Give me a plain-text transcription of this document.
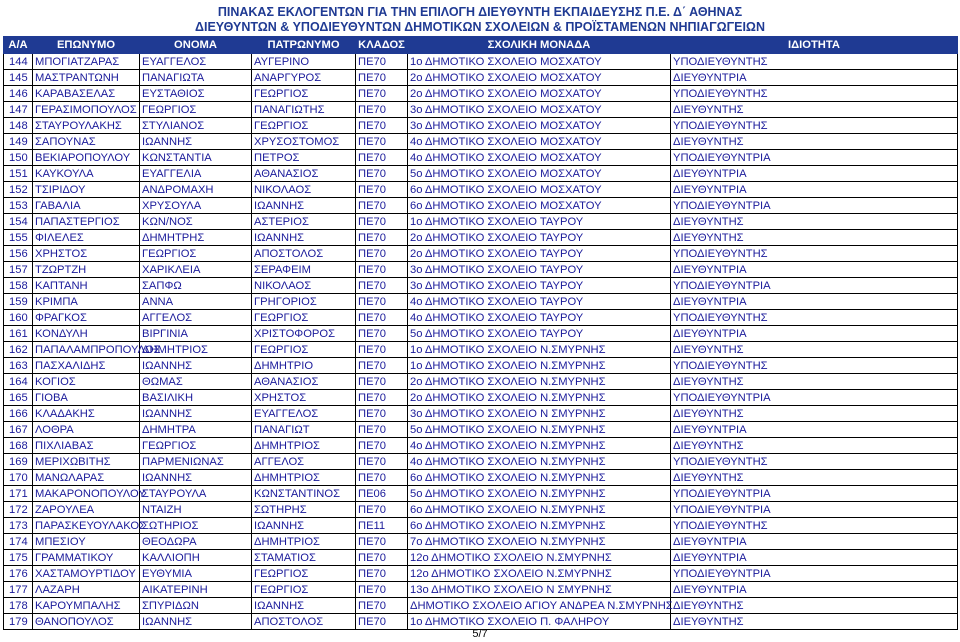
ΠΙΝΑΚΑΣ ΕΚΛΟΓΕΝΤΩΝ ΓΙΑ ΤΗΝ ΕΠΙΛΟΓΗ ΔΙΕΥΘΥΝΤΗ ΕΚΠΑΙΔΕΥΣΗΣ Π.Ε. Δ΄ ΑΘΗΝΑΣ
ΔΙΕΥΘΥΝΤΩΝ & ΥΠΟΔΙΕΥΘΥΝΤΩΝ ΔΗΜΟΤΙΚΩΝ ΣΧΟΛΕΙΩΝ & ΠΡΟΪΣΤΑΜΕΝΩΝ ΝΗΠΙΑΓΩΓΕΙΩΝ
Α/Α	ΕΠΩΝΥΜΟ	ΟΝΟΜΑ	ΠΑΤΡΩΝΥΜΟ	ΚΛΑΔΟΣ	ΣΧΟΛΙΚΗ ΜΟΝΑΔΑ	ΙΔΙΟΤΗΤΑ
144	ΜΠΟΓΙΑΤΖΑΡΑΣ	ΕΥΑΓΓΕΛΟΣ	ΑΥΓΕΡΙΝΟ	ΠΕ70	1ο ΔΗΜΟΤΙΚΟ ΣΧΟΛΕΙΟ ΜΟΣΧΑΤΟΥ	ΥΠΟΔΙΕΥΘΥΝΤΗΣ
145	ΜΑΣΤΡΑΝΤΩΝΗ	ΠΑΝΑΓΙΩΤΑ	ΑΝΑΡΓΥΡΟΣ	ΠΕ70	2ο ΔΗΜΟΤΙΚΟ ΣΧΟΛΕΙΟ ΜΟΣΧΑΤΟΥ	ΔΙΕΥΘΥΝΤΡΙΑ
146	ΚΑΡΑΒΑΣΕΛΑΣ	ΕΥΣΤΑΘΙΟΣ	ΓΕΩΡΓΙΟΣ	ΠΕ70	2ο ΔΗΜΟΤΙΚΟ ΣΧΟΛΕΙΟ ΜΟΣΧΑΤΟΥ	ΥΠΟΔΙΕΥΘΥΝΤΗΣ
147	ΓΕΡΑΣΙΜΟΠΟΥΛΟΣ	ΓΕΩΡΓΙΟΣ	ΠΑΝΑΓΙΩΤΗΣ	ΠΕ70	3ο ΔΗΜΟΤΙΚΟ ΣΧΟΛΕΙΟ ΜΟΣΧΑΤΟΥ	ΔΙΕΥΘΥΝΤΗΣ
148	ΣΤΑΥΡΟΥΛΑΚΗΣ	ΣΤΥΛΙΑΝΟΣ	ΓΕΩΡΓΙΟΣ	ΠΕ70	3ο ΔΗΜΟΤΙΚΟ ΣΧΟΛΕΙΟ ΜΟΣΧΑΤΟΥ	ΥΠΟΔΙΕΥΘΥΝΤΗΣ
149	ΣΑΠΟΥΝΑΣ	ΙΩΑΝΝΗΣ	ΧΡΥΣΟΣΤΟΜΟΣ	ΠΕ70	4ο ΔΗΜΟΤΙΚΟ ΣΧΟΛΕΙΟ ΜΟΣΧΑΤΟΥ	ΔΙΕΥΘΥΝΤΗΣ
150	ΒΕΚΙΑΡΟΠΟΥΛΟΥ	ΚΩΝΣΤΑΝΤΙΑ	ΠΕΤΡΟΣ	ΠΕ70	4ο ΔΗΜΟΤΙΚΟ ΣΧΟΛΕΙΟ ΜΟΣΧΑΤΟΥ	ΥΠΟΔΙΕΥΘΥΝΤΡΙΑ
151	ΚΑΥΚΟΥΛΑ	ΕΥΑΓΓΕΛΙΑ	ΑΘΑΝΑΣΙΟΣ	ΠΕ70	5ο ΔΗΜΟΤΙΚΟ ΣΧΟΛΕΙΟ ΜΟΣΧΑΤΟΥ	ΔΙΕΥΘΥΝΤΡΙΑ
152	ΤΣΙΡΙΔΟΥ	ΑΝΔΡΟΜΑΧΗ	ΝΙΚΟΛΑΟΣ	ΠΕ70	6ο ΔΗΜΟΤΙΚΟ ΣΧΟΛΕΙΟ ΜΟΣΧΑΤΟΥ	ΔΙΕΥΘΥΝΤΡΙΑ
153	ΓΑΒΑΛΙΑ	ΧΡΥΣΟΥΛΑ	ΙΩΑΝΝΗΣ	ΠΕ70	6ο ΔΗΜΟΤΙΚΟ ΣΧΟΛΕΙΟ ΜΟΣΧΑΤΟΥ	ΥΠΟΔΙΕΥΘΥΝΤΡΙΑ
154	ΠΑΠΑΣΤΕΡΓΙΟΣ	ΚΩΝ/ΝΟΣ	ΑΣΤΕΡΙΟΣ	ΠΕ70	1ο ΔΗΜΟΤΙΚΟ ΣΧΟΛΕΙΟ ΤΑΥΡΟΥ	ΔΙΕΥΘΥΝΤΗΣ
155	ΦΙΛΕΛΕΣ	ΔΗΜΗΤΡΗΣ	ΙΩΑΝΝΗΣ	ΠΕ70	2ο ΔΗΜΟΤΙΚΟ ΣΧΟΛΕΙΟ ΤΑΥΡΟΥ	ΔΙΕΥΘΥΝΤΗΣ
156	ΧΡΗΣΤΟΣ	ΓΕΩΡΓΙΟΣ	ΑΠΟΣΤΟΛΟΣ	ΠΕ70	2ο ΔΗΜΟΤΙΚΟ ΣΧΟΛΕΙΟ ΤΑΥΡΟΥ	ΥΠΟΔΙΕΥΘΥΝΤΗΣ
157	ΤΖΩΡΤΖΗ	ΧΑΡΙΚΛΕΙΑ	ΣΕΡΑΦΕΙΜ	ΠΕ70	3ο ΔΗΜΟΤΙΚΟ ΣΧΟΛΕΙΟ ΤΑΥΡΟΥ	ΔΙΕΥΘΥΝΤΡΙΑ
158	ΚΑΠΤΑΝΗ	ΣΑΠΦΩ	ΝΙΚΟΛΑΟΣ	ΠΕ70	3ο ΔΗΜΟΤΙΚΟ ΣΧΟΛΕΙΟ ΤΑΥΡΟΥ	ΥΠΟΔΙΕΥΘΥΝΤΡΙΑ
159	ΚΡΙΜΠΑ	ΑΝΝΑ	ΓΡΗΓΟΡΙΟΣ	ΠΕ70	4ο ΔΗΜΟΤΙΚΟ ΣΧΟΛΕΙΟ ΤΑΥΡΟΥ	ΔΙΕΥΘΥΝΤΡΙΑ
160	ΦΡΑΓΚΟΣ	ΑΓΓΕΛΟΣ	ΓΕΩΡΓΙΟΣ	ΠΕ70	4ο ΔΗΜΟΤΙΚΟ ΣΧΟΛΕΙΟ ΤΑΥΡΟΥ	ΥΠΟΔΙΕΥΘΥΝΤΗΣ
161	ΚΟΝΔΥΛΗ	ΒΙΡΓΙΝΙΑ	ΧΡΙΣΤΟΦΟΡΟΣ	ΠΕ70	5ο ΔΗΜΟΤΙΚΟ ΣΧΟΛΕΙΟ ΤΑΥΡΟΥ	ΔΙΕΥΘΥΝΤΡΙΑ
162	ΠΑΠΑΛΑΜΠΡΟΠΟΥΛΟΣ	ΔΗΜΗΤΡΙΟΣ	ΓΕΩΡΓΙΟΣ	ΠΕ70	1ο ΔΗΜΟΤΙΚΟ ΣΧΟΛΕΙΟ Ν.ΣΜΥΡΝΗΣ	ΔΙΕΥΘΥΝΤΗΣ
163	ΠΑΣΧΑΛΙΔΗΣ	ΙΩΑΝΝΗΣ	ΔΗΜΗΤΡΙΟ	ΠΕ70	1ο ΔΗΜΟΤΙΚΟ ΣΧΟΛΕΙΟ Ν.ΣΜΥΡΝΗΣ	ΥΠΟΔΙΕΥΘΥΝΤΗΣ
164	ΚΟΓΙΟΣ	ΘΩΜΑΣ	ΑΘΑΝΑΣΙΟΣ	ΠΕ70	2ο ΔΗΜΟΤΙΚΟ ΣΧΟΛΕΙΟ Ν.ΣΜΥΡΝΗΣ	ΔΙΕΥΘΥΝΤΗΣ
165	ΓΙΟΒΑ	ΒΑΣΙΛΙΚΗ	ΧΡΗΣΤΟΣ	ΠΕ70	2ο ΔΗΜΟΤΙΚΟ ΣΧΟΛΕΙΟ Ν.ΣΜΥΡΝΗΣ	ΥΠΟΔΙΕΥΘΥΝΤΡΙΑ
166	ΚΛΑΔΑΚΗΣ	ΙΩΑΝΝΗΣ	ΕΥΑΓΓΕΛΟΣ	ΠΕ70	3ο ΔΗΜΟΤΙΚΟ ΣΧΟΛΕΙΟ Ν ΣΜΥΡΝΗΣ	ΔΙΕΥΘΥΝΤΗΣ
167	ΛΟΘΡΑ	ΔΗΜΗΤΡΑ	ΠΑΝΑΓΙΩΤ	ΠΕ70	5ο ΔΗΜΟΤΙΚΟ ΣΧΟΛΕΙΟ Ν.ΣΜΥΡΝΗΣ	ΔΙΕΥΘΥΝΤΡΙΑ
168	ΠΙΧΛΙΑΒΑΣ	ΓΕΩΡΓΙΟΣ	ΔΗΜΗΤΡΙΟΣ	ΠΕ70	4ο ΔΗΜΟΤΙΚΟ ΣΧΟΛΕΙΟ Ν.ΣΜΥΡΝΗΣ	ΔΙΕΥΘΥΝΤΗΣ
169	ΜΕΡΙΧΩΒΙΤΗΣ	ΠΑΡΜΕΝΙΩΝΑΣ	ΑΓΓΕΛΟΣ	ΠΕ70	4ο ΔΗΜΟΤΙΚΟ ΣΧΟΛΕΙΟ Ν.ΣΜΥΡΝΗΣ	ΥΠΟΔΙΕΥΘΥΝΤΗΣ
170	ΜΑΝΩΛΑΡΑΣ	ΙΩΑΝΝΗΣ	ΔΗΜΗΤΡΙΟΣ	ΠΕ70	6ο ΔΗΜΟΤΙΚΟ ΣΧΟΛΕΙΟ Ν.ΣΜΥΡΝΗΣ	ΔΙΕΥΘΥΝΤΗΣ
171	ΜΑΚΑΡΟΝΟΠΟΥΛΟΥ	ΣΤΑΥΡΟΥΛΑ	ΚΩΝΣΤΑΝΤΙΝΟΣ	ΠΕ06	5ο ΔΗΜΟΤΙΚΟ ΣΧΟΛΕΙΟ Ν.ΣΜΥΡΝΗΣ	ΥΠΟΔΙΕΥΘΥΝΤΡΙΑ
172	ΖΑΡΟΥΛΕΑ	ΝΤΑΙΖΗ	ΣΩΤΗΡΗΣ	ΠΕ70	6ο ΔΗΜΟΤΙΚΟ ΣΧΟΛΕΙΟ Ν.ΣΜΥΡΝΗΣ	ΥΠΟΔΙΕΥΘΥΝΤΡΙΑ
173	ΠΑΡΑΣΚΕΥΟΥΛΑΚΟΣ	ΣΩΤΗΡΙΟΣ	ΙΩΑΝΝΗΣ	ΠΕ11	6ο ΔΗΜΟΤΙΚΟ ΣΧΟΛΕΙΟ Ν.ΣΜΥΡΝΗΣ	ΥΠΟΔΙΕΥΘΥΝΤΗΣ
174	ΜΠΕΣΙΟΥ	ΘΕΟΔΩΡΑ	ΔΗΜΗΤΡΙΟΣ	ΠΕ70	7ο ΔΗΜΟΤΙΚΟ ΣΧΟΛΕΙΟ Ν.ΣΜΥΡΝΗΣ	ΔΙΕΥΘΥΝΤΡΙΑ
175	ΓΡΑΜΜΑΤΙΚΟΥ	ΚΑΛΛΙΟΠΗ	ΣΤΑΜΑΤΙΟΣ	ΠΕ70	12ο ΔΗΜΟΤΙΚΟ ΣΧΟΛΕΙΟ Ν.ΣΜΥΡΝΗΣ	ΔΙΕΥΘΥΝΤΡΙΑ
176	ΧΑΣΤΑΜΟΥΡΤΙΔΟΥ	ΕΥΘΥΜΙΑ	ΓΕΩΡΓΙΟΣ	ΠΕ70	12ο ΔΗΜΟΤΙΚΟ ΣΧΟΛΕΙΟ Ν.ΣΜΥΡΝΗΣ	ΥΠΟΔΙΕΥΘΥΝΤΡΙΑ
177	ΛΑΖΑΡΗ	ΑΙΚΑΤΕΡΙΝΗ	ΓΕΩΡΓΙΟΣ	ΠΕ70	13ο ΔΗΜΟΤΙΚΟ ΣΧΟΛΕΙΟ Ν ΣΜΥΡΝΗΣ	ΔΙΕΥΘΥΝΤΡΙΑ
178	ΚΑΡΟΥΜΠΑΛΗΣ	ΣΠΥΡΙΔΩΝ	ΙΩΑΝΝΗΣ	ΠΕ70	ΔΗΜΟΤΙΚΟ ΣΧΟΛΕΙΟ ΑΓΙΟΥ ΑΝΔΡΕΑ Ν.ΣΜΥΡΝΗΣ	ΔΙΕΥΘΥΝΤΗΣ
179	ΘΑΝΟΠΟΥΛΟΣ	ΙΩΑΝΝΗΣ	ΑΠΟΣΤΟΛΟΣ	ΠΕ70	1ο ΔΗΜΟΤΙΚΟ ΣΧΟΛΕΙΟ Π. ΦΑΛΗΡΟΥ	ΔΙΕΥΘΥΝΤΗΣ
5/7
